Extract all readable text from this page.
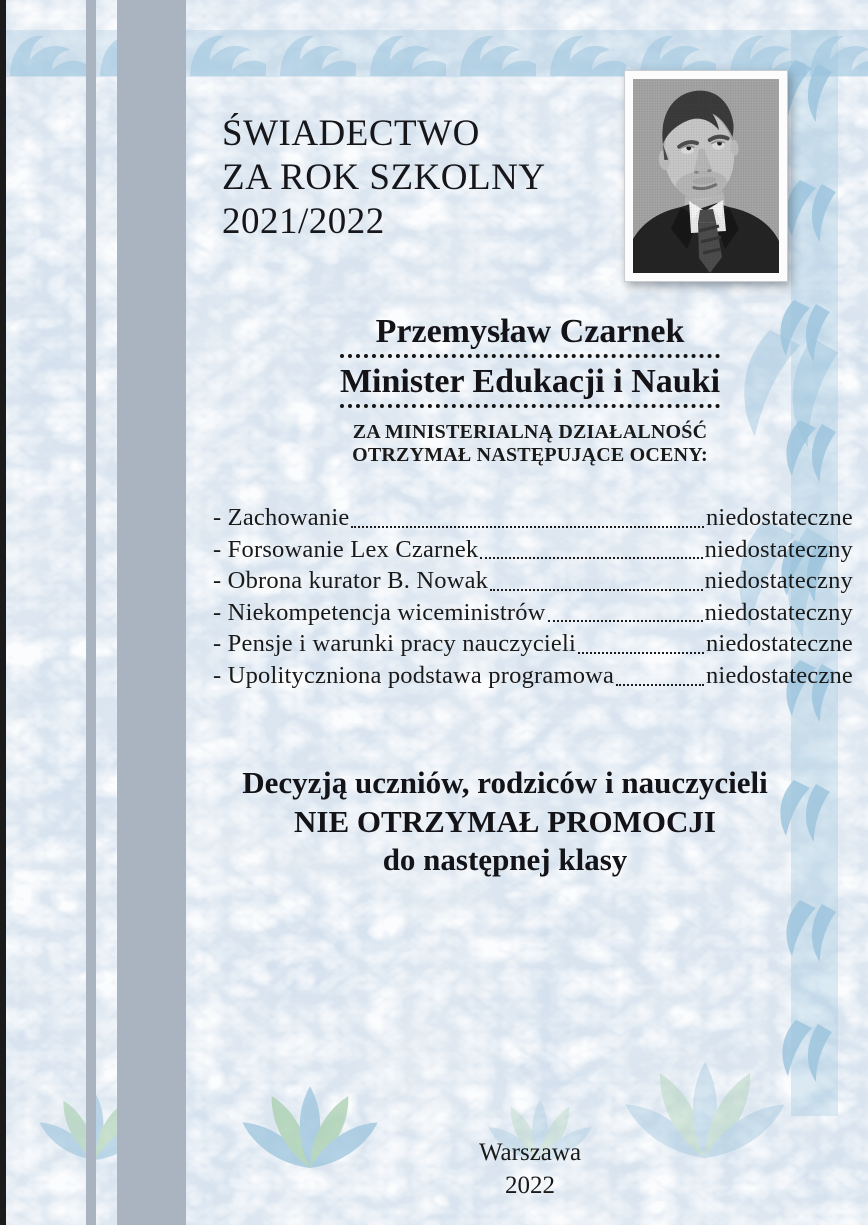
ŚWIADECTWO
ZA ROK SZKOLNY
2021/2022
Przemysław Czarnek
Minister Edukacji i Nauki
ZA MINISTERIALNĄ DZIAŁALNOŚĆ
OTRZYMAŁ NASTĘPUJĄCE OCENY:
- Zachowanie	niedostateczne
- Forsowanie Lex Czarnek	niedostateczny
- Obrona kurator B. Nowak	niedostateczny
- Niekompetencja wiceministrów	niedostateczny
- Pensje i warunki pracy nauczycieli	niedostateczne
- Upolityczniona podstawa programowa	niedostateczne
Decyzją uczniów, rodziców i nauczycieli
NIE OTRZYMAŁ PROMOCJI
do następnej klasy
Warszawa
2022
